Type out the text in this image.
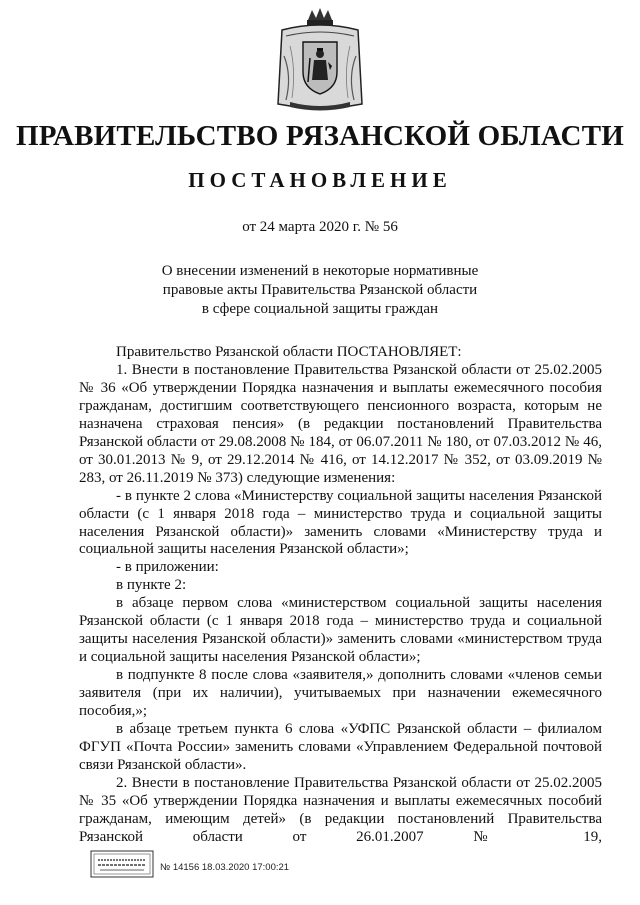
ПРАВИТЕЛЬСТВО РЯЗАНСКОЙ ОБЛАСТИ
ПОСТАНОВЛЕНИЕ
от 24 марта 2020 г. № 56
О внесении изменений в некоторые нормативные
правовые акты Правительства Рязанской области
в сфере социальной защиты граждан

Правительство Рязанской области ПОСТАНОВЛЯЕТ:

1. Внести в постановление Правительства Рязанской области от 25.02.2005 № 36 «Об утверждении Порядка назначения и выплаты ежемесячного пособия гражданам, достигшим соответствующего пенсионного возраста, которым не назначена страховая пенсия» (в редакции постановлений Правительства Рязанской области от 29.08.2008 № 184, от 06.07.2011 № 180, от 07.03.2012 № 46, от 30.01.2013 № 9, от 29.12.2014 № 416, от 14.12.2017 № 352, от 03.09.2019 № 283, от 26.11.2019 № 373) следующие изменения:

- в пункте 2 слова «Министерству социальной защиты населения Рязанской области (с 1 января 2018 года – министерство труда и социальной защиты населения Рязанской области)» заменить словами «Министерству труда и социальной защиты населения Рязанской области»;

- в приложении:

в пункте 2:

в абзаце первом слова «министерством социальной защиты населения Рязанской области (с 1 января 2018 года – министерство труда и социальной защиты населения Рязанской области)» заменить словами «министерством труда и социальной защиты населения Рязанской области»;

в подпункте 8 после слова «заявителя,» дополнить словами «членов семьи заявителя (при их наличии), учитываемых при назначении ежемесячного пособия,»;

в абзаце третьем пункта 6 слова «УФПС Рязанской области – филиалом ФГУП «Почта России» заменить словами «Управлением Федеральной почтовой связи Рязанской области».

2. Внести в постановление Правительства Рязанской области от 25.02.2005 № 35 «Об утверждении Порядка назначения и выплаты ежемесячных пособий гражданам, имеющим детей» (в редакции постановлений Правительства Рязанской области от 26.01.2007 № 19,

№ 14156 18.03.2020 17:00:21
